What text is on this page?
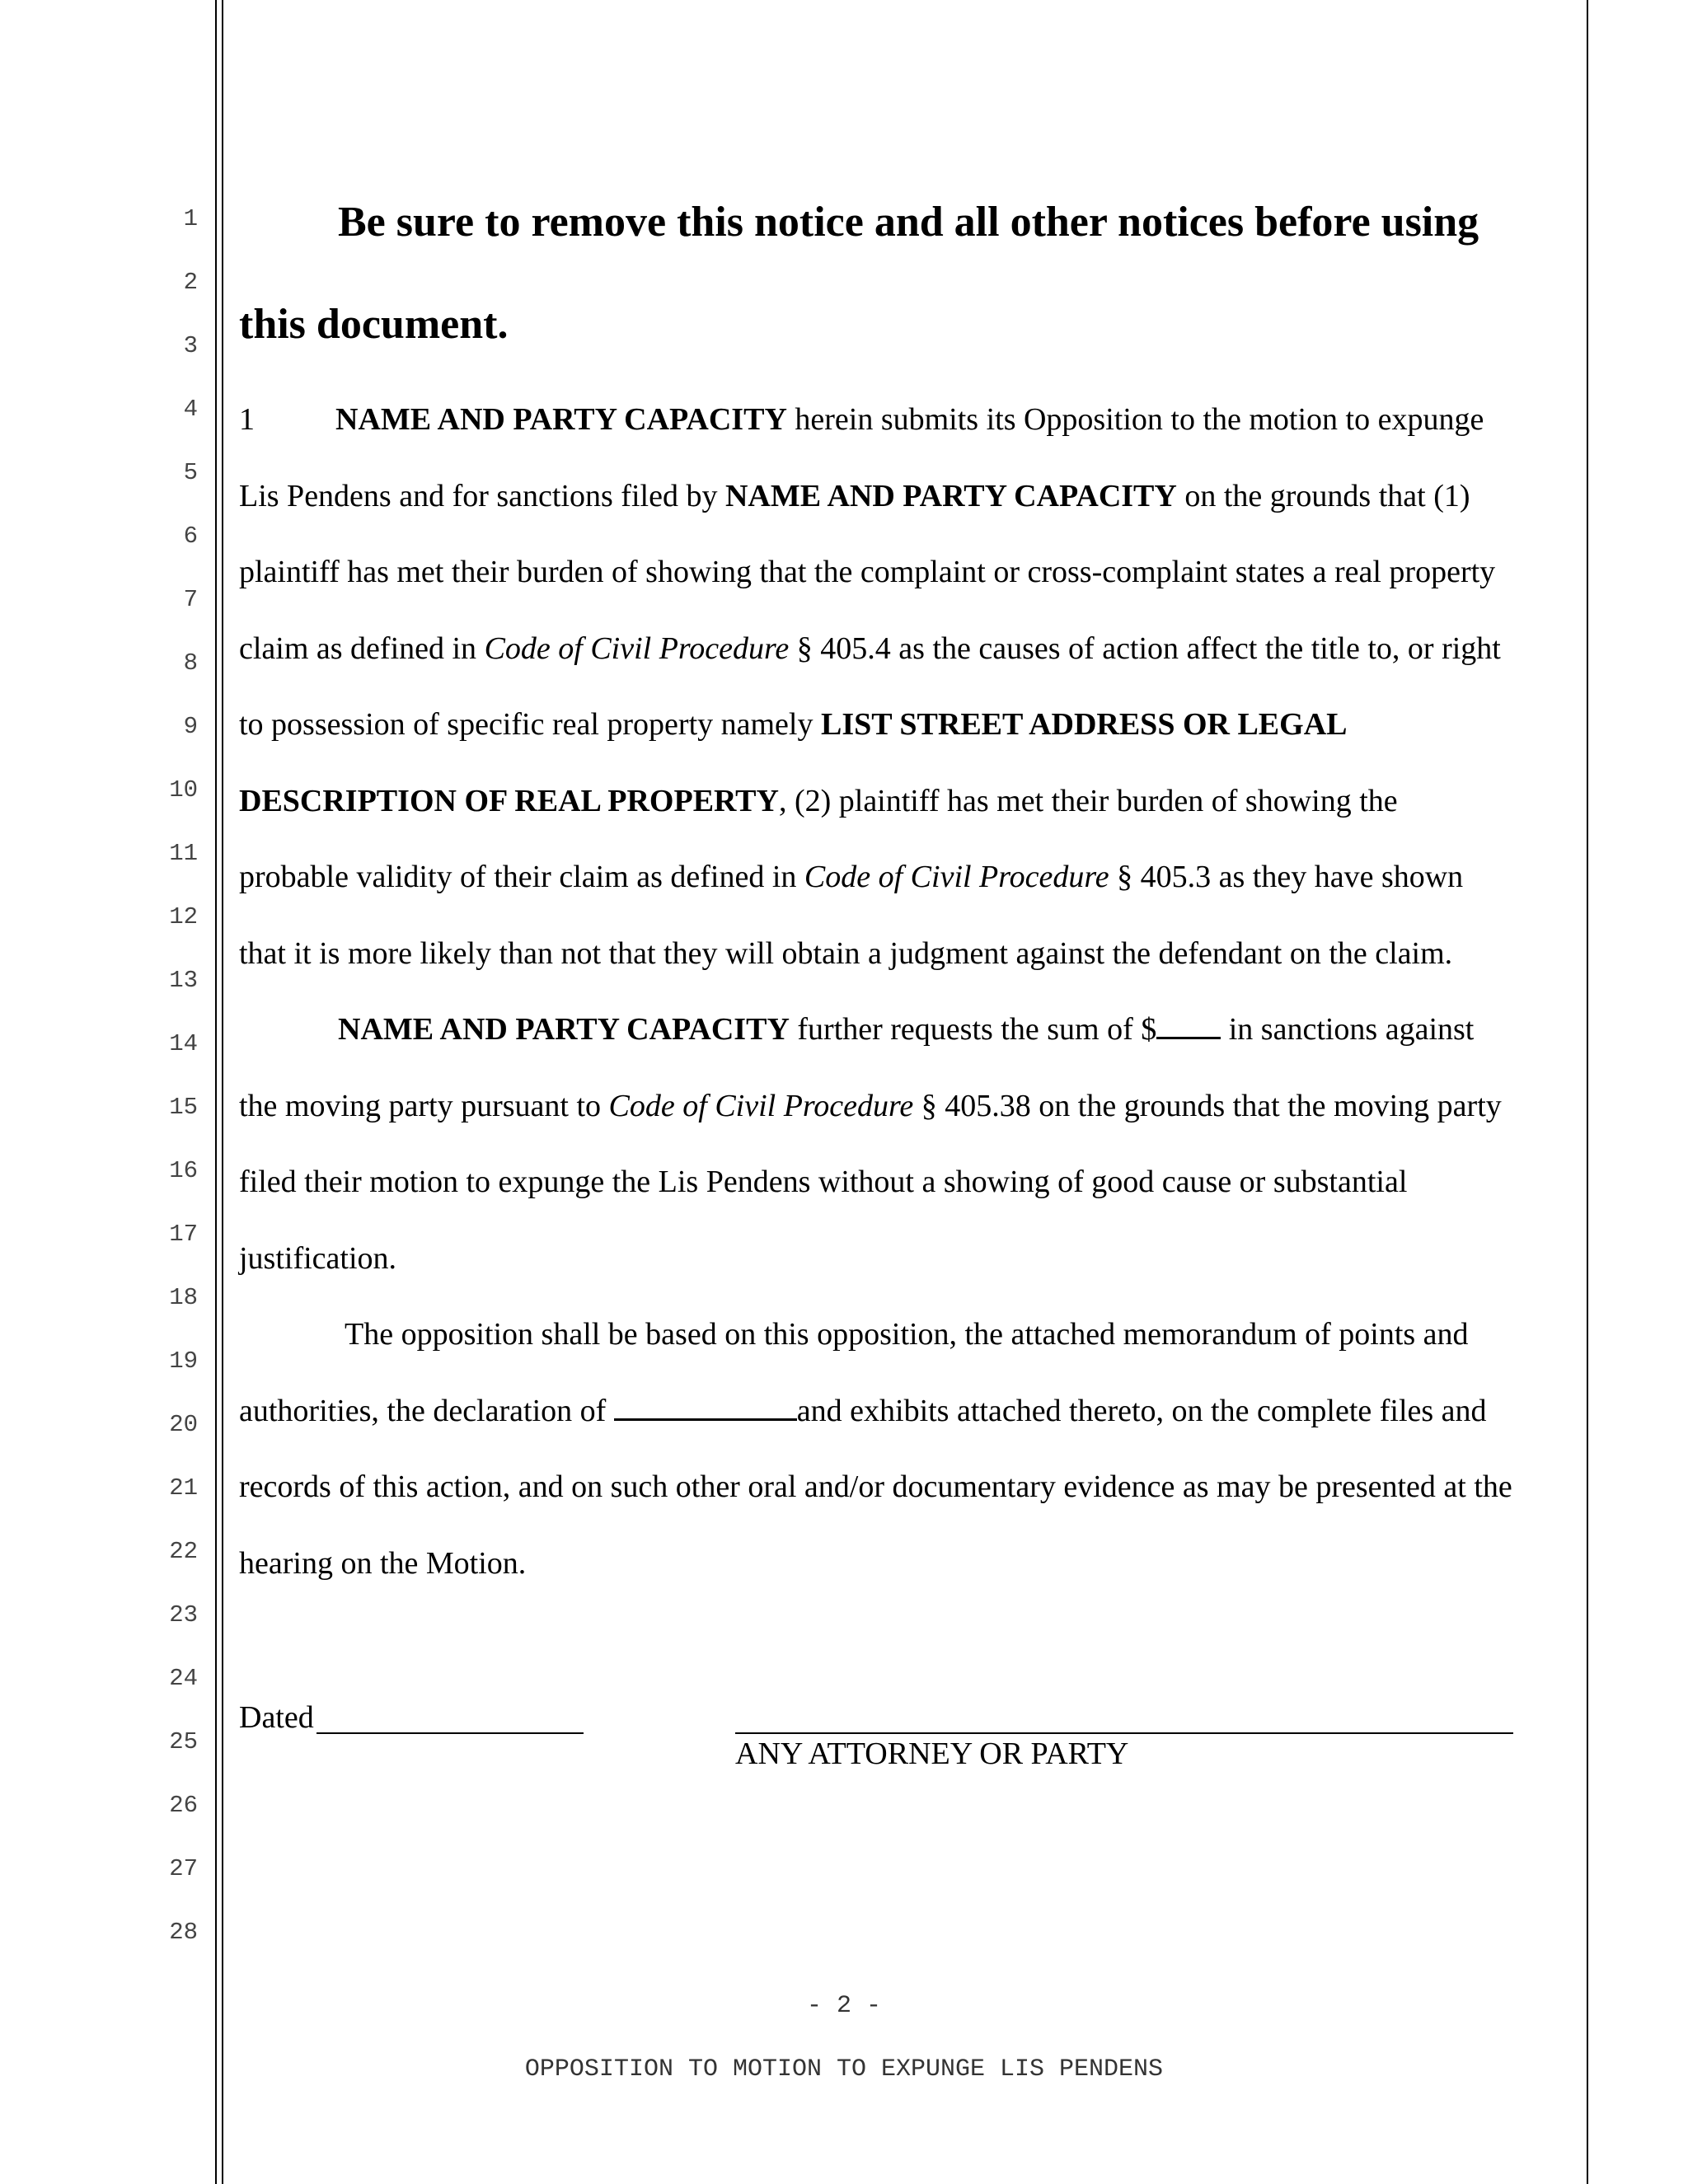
1
2
3
4
5
6
7
8
9
10
11
12
13
14
15
16
17
18
19
20
21
22
23
24
25
26
27
28
Be sure to remove this notice and all other notices before using
this document.
1	NAME AND PARTY CAPACITY herein submits its Opposition to the motion to expunge
Lis Pendens and for sanctions filed by NAME AND PARTY CAPACITY on the grounds that (1)
plaintiff has met their burden of showing that the complaint or cross-complaint states a real property
claim as defined in Code of Civil Procedure § 405.4 as the causes of action affect the title to, or right
to possession of specific real property namely LIST STREET ADDRESS OR LEGAL
DESCRIPTION OF REAL PROPERTY, (2) plaintiff has met their burden of showing the
probable validity of their claim as defined in Code of Civil Procedure § 405.3 as they have shown
that it is more likely than not that they will obtain a judgment against the defendant on the claim.
NAME AND PARTY CAPACITY further requests the sum of $ in sanctions against
the moving party pursuant to Code of Civil Procedure § 405.38 on the grounds that the moving party
filed their motion to expunge the Lis Pendens without a showing of good cause or substantial
justification.
The opposition shall be based on this opposition, the attached memorandum of points and
authorities, the declaration of	and exhibits attached thereto, on the complete files and
records of this action, and on such other oral and/or documentary evidence as may be presented at the
hearing on the Motion.
Dated
ANY ATTORNEY OR PARTY
- 2 -
OPPOSITION TO MOTION TO EXPUNGE LIS PENDENS
